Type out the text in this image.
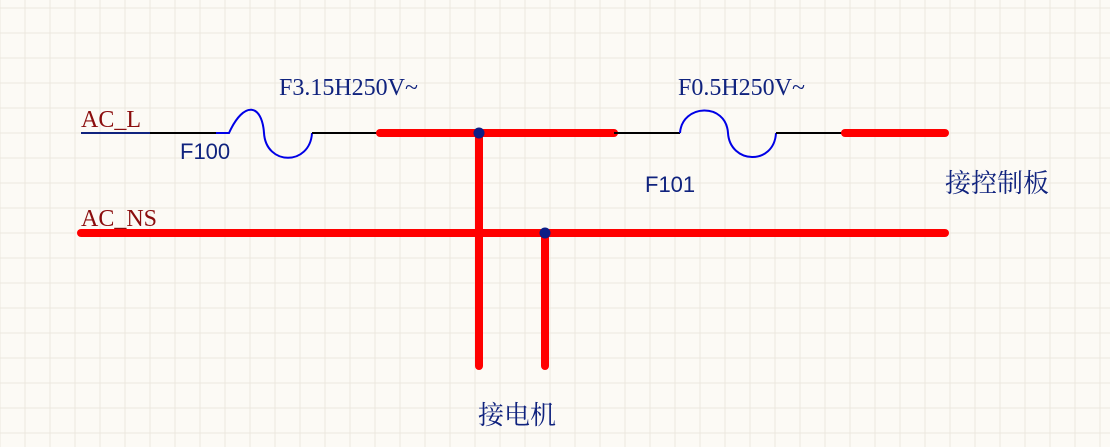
AC_L
AC_NS
F3.15H250V~
F100
F0.5H250V~
F101	接控制板
接电机
